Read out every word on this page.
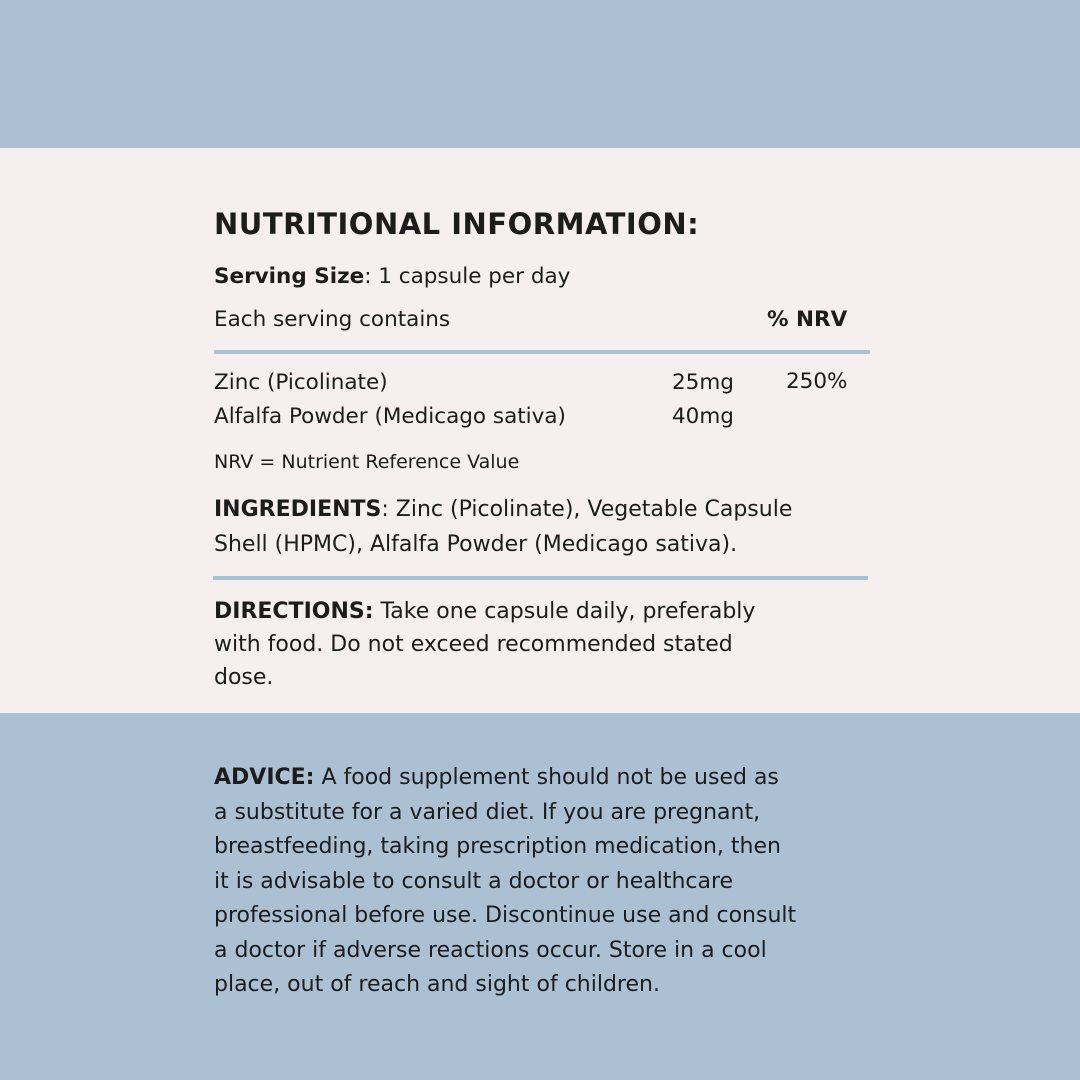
NUTRITIONAL INFORMATION:
Serving Size: 1 capsule per day
Each serving contains	% NRV
Zinc (Picolinate)	25mg 250%
Alfalfa Powder (Medicago sativa)	40mg
NRV = Nutrient Reference Value
INGREDIENTS: Zinc (Picolinate), Vegetable Capsule
Shell (HPMC), Alfalfa Powder (Medicago sativa).
DIRECTIONS: Take one capsule daily, preferably
with food. Do not exceed recommended stated
dose.
ADVICE: A food supplement should not be used as
a substitute for a varied diet. If you are pregnant,
breastfeeding, taking prescription medication, then
it is advisable to consult a doctor or healthcare
professional before use. Discontinue use and consult
a doctor if adverse reactions occur. Store in a cool
place, out of reach and sight of children.
